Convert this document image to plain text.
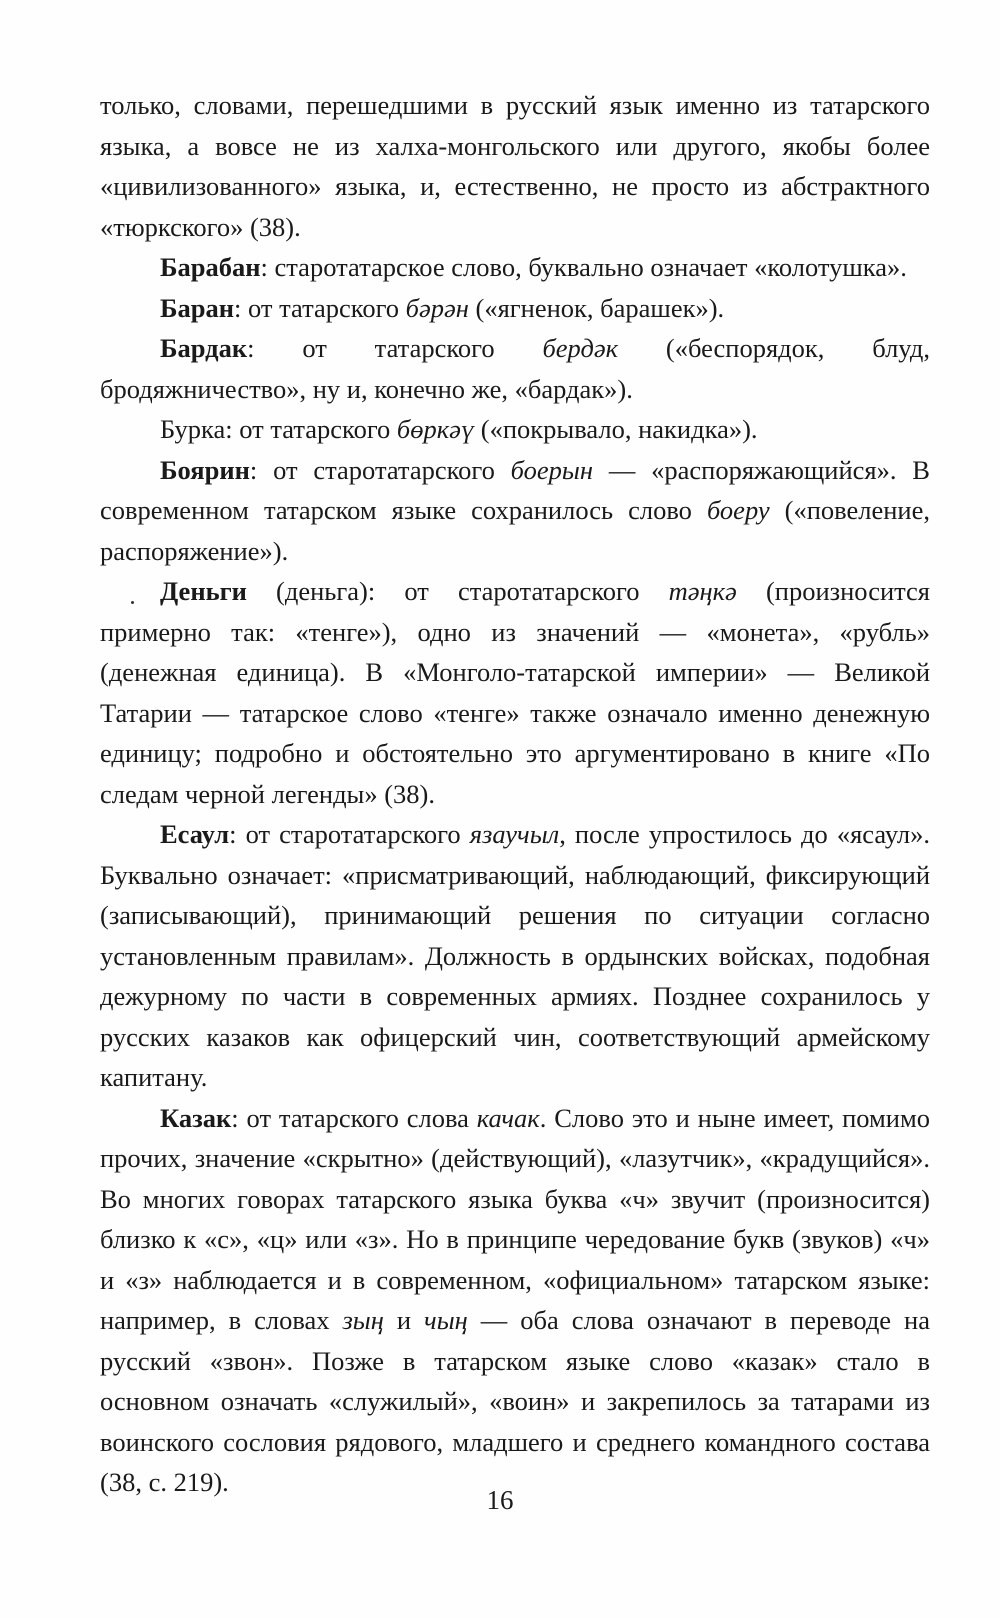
только, словами, перешедшими в русский язык именно из татарского языка, а вовсе не из халха-монгольского или другого, якобы более «цивилизованного» языка, и, естественно, не просто из абстрактного «тюркского» (38).

Барабан: старотатарское слово, буквально означает «колотушка».

Баран: от татарского бәрән («ягненок, барашек»).

Бардак: от татарского бердәк («беспорядок, блуд, бродяжничество», ну и, конечно же, «бардак»).

Бурка: от татарского бөркәү («покрывало, накидка»).

Боярин: от старотатарского боерын — «распоряжающийся». В современном татарском языке сохранилось слово боеру («повеление, распоряжение»).

Деньги (деньга): от старотатарского тәңкә (произносится примерно так: «тенге»), одно из значений — «монета», «рубль» (денежная единица). В «Монголо-татарской империи» — Великой Татарии — татарское слово «тенге» также означало именно денежную единицу; подробно и обстоятельно это аргументировано в книге «По следам черной легенды» (38).

Есаул: от старотатарского язаучыл, после упростилось до «ясаул». Буквально означает: «присматривающий, наблюдающий, фиксирующий (записывающий), принимающий решения по ситуации согласно установленным правилам». Должность в ордынских войсках, подобная дежурному по части в современных армиях. Позднее сохранилось у русских казаков как офицерский чин, соответствующий армейскому капитану.

Казак: от татарского слова качак. Слово это и ныне имеет, помимо прочих, значение «скрытно» (действующий), «лазутчик», «крадущийся». Во многих говорах татарского языка буква «ч» звучит (произносится) близко к «с», «ц» или «з». Но в принципе чередование букв (звуков) «ч» и «з» наблюдается и в современном, «официальном» татарском языке: например, в словах зың и чың — оба слова означают в переводе на русский «звон». Позже в татарском языке слово «казак» стало в основном означать «служилый», «воин» и закрепилось за татарами из воинского сословия рядового, младшего и среднего командного состава (38, с. 219).

16
